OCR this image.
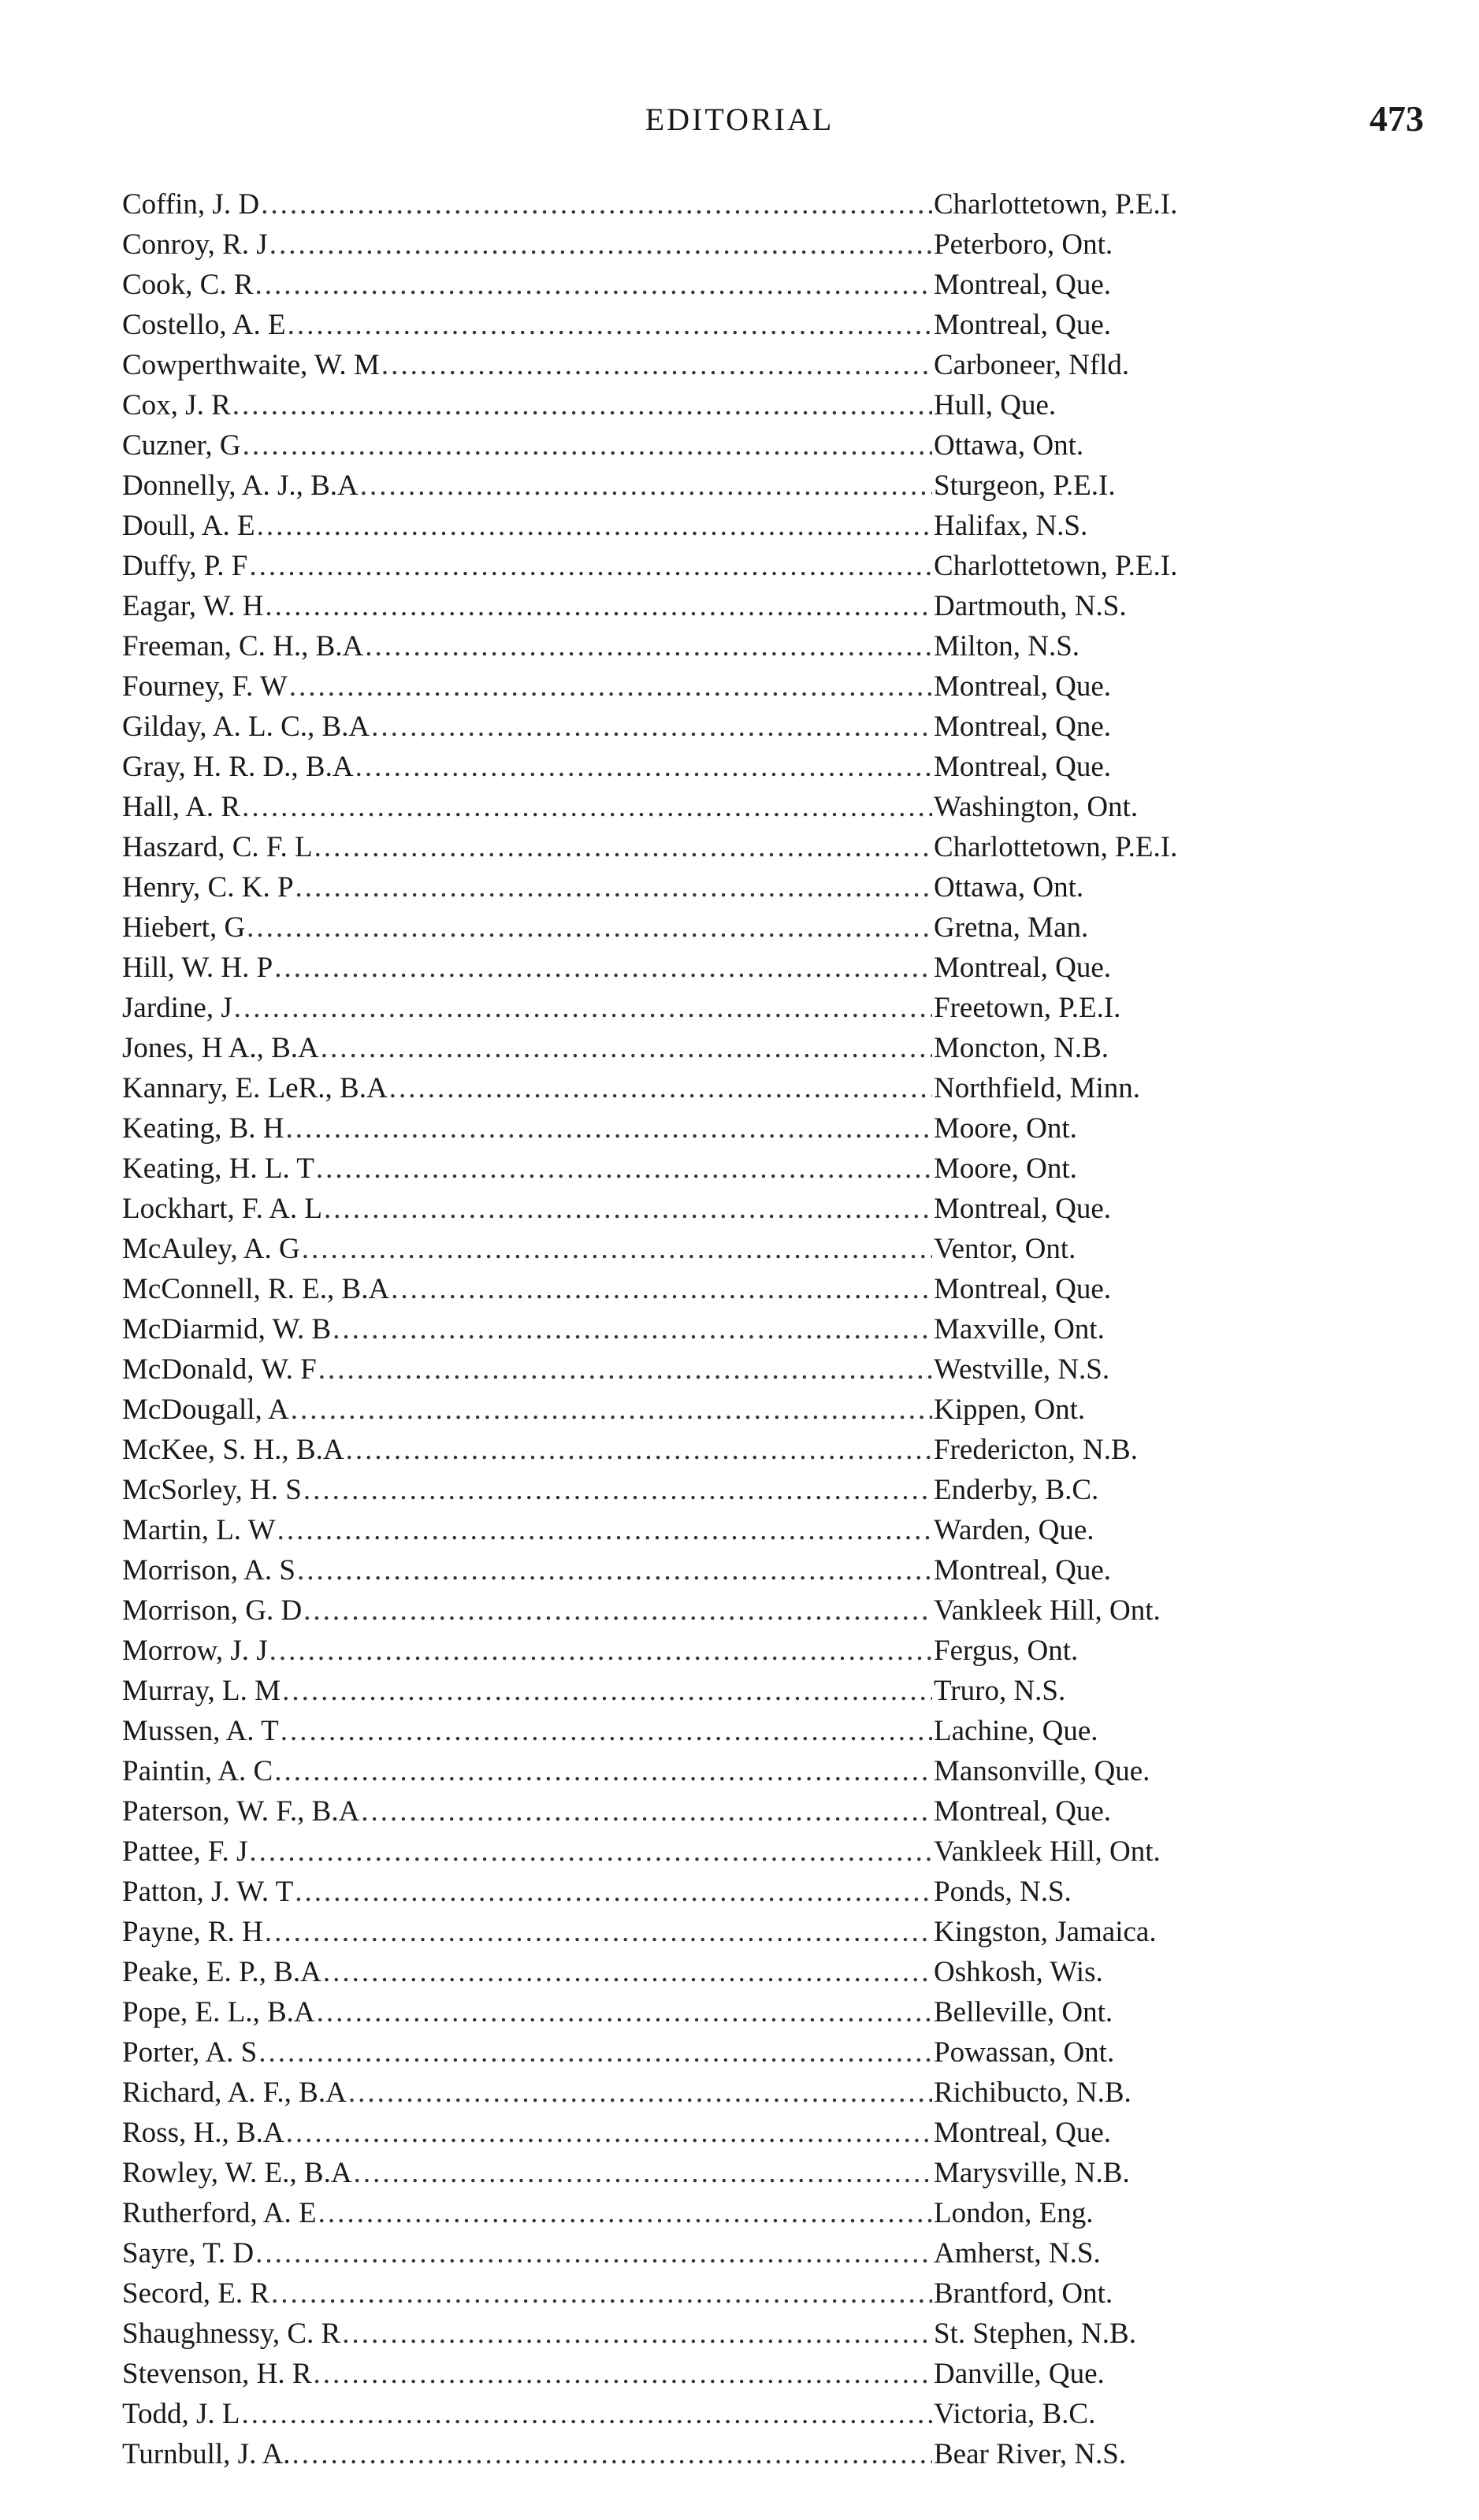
EDITORIAL	473
Coffin, J. D .....	Charlottetown, P.E.I.
Conroy, R. J .....	Peterboro, Ont.
Cook, C. R .....	Montreal, Que.
Costello, A. E .....	Montreal, Que.
Cowperthwaite, W. M .....	Carboneer, Nfld.
Cox, J. R .....	Hull, Que.
Cuzner, G .....	Ottawa, Ont.
Donnelly, A. J., B.A .....	Sturgeon, P.E.I.
Doull, A. E .....	Halifax, N.S.
Duffy, P. F .....	Charlottetown, P.E.I.
Eagar, W. H .....	Dartmouth, N.S.
Freeman, C. H., B.A .....	Milton, N.S.
Fourney, F. W .....	Montreal, Que.
Gilday, A. L. C., B.A .....	Montreal, Qne.
Gray, H. R. D., B.A .....	Montreal, Que.
Hall, A. R .....	Washington, Ont.
Haszard, C. F. L .....	Charlottetown, P.E.I.
Henry, C. K. P .....	Ottawa, Ont.
Hiebert, G .....	Gretna, Man.
Hill, W. H. P .....	Montreal, Que.
Jardine, J .....	Freetown, P.E.I.
Jones, H A., B.A .....	Moncton, N.B.
Kannary, E. LeR., B.A .....	Northfield, Minn.
Keating, B. H .....	Moore, Ont.
Keating, H. L. T .....	Moore, Ont.
Lockhart, F. A. L .....	Montreal, Que.
McAuley, A. G .....	Ventor, Ont.
McConnell, R. E., B.A .....	Montreal, Que.
McDiarmid, W. B .....	Maxville, Ont.
McDonald, W. F .....	Westville, N.S.
McDougall, A .....	Kippen, Ont.
McKee, S. H., B.A .....	Fredericton, N.B.
McSorley, H. S .....	Enderby, B.C.
Martin, L. W .....	Warden, Que.
Morrison, A. S .....	Montreal, Que.
Morrison, G. D .....	Vankleek Hill, Ont.
Morrow, J. J .....	Fergus, Ont.
Murray, L. M .....	Truro, N.S.
Mussen, A. T .....	Lachine, Que.
Paintin, A. C .....	Mansonville, Que.
Paterson, W. F., B.A .....	Montreal, Que.
Pattee, F. J .....	Vankleek Hill, Ont.
Patton, J. W. T .....	Ponds, N.S.
Payne, R. H .....	Kingston, Jamaica.
Peake, E. P., B.A .....	Oshkosh, Wis.
Pope, E. L., B.A .....	Belleville, Ont.
Porter, A. S .....	Powassan, Ont.
Richard, A. F., B.A .....	Richibucto, N.B.
Ross, H., B.A .....	Montreal, Que.
Rowley, W. E., B.A .....	Marysville, N.B.
Rutherford, A. E .....	London, Eng.
Sayre, T. D .....	Amherst, N.S.
Secord, E. R .....	Brantford, Ont.
Shaughnessy, C. R .....	St. Stephen, N.B.
Stevenson, H. R .....	Danville, Que.
Todd, J. L .....	Victoria, B.C.
Turnbull, J. A. .....	Bear River, N.S.
